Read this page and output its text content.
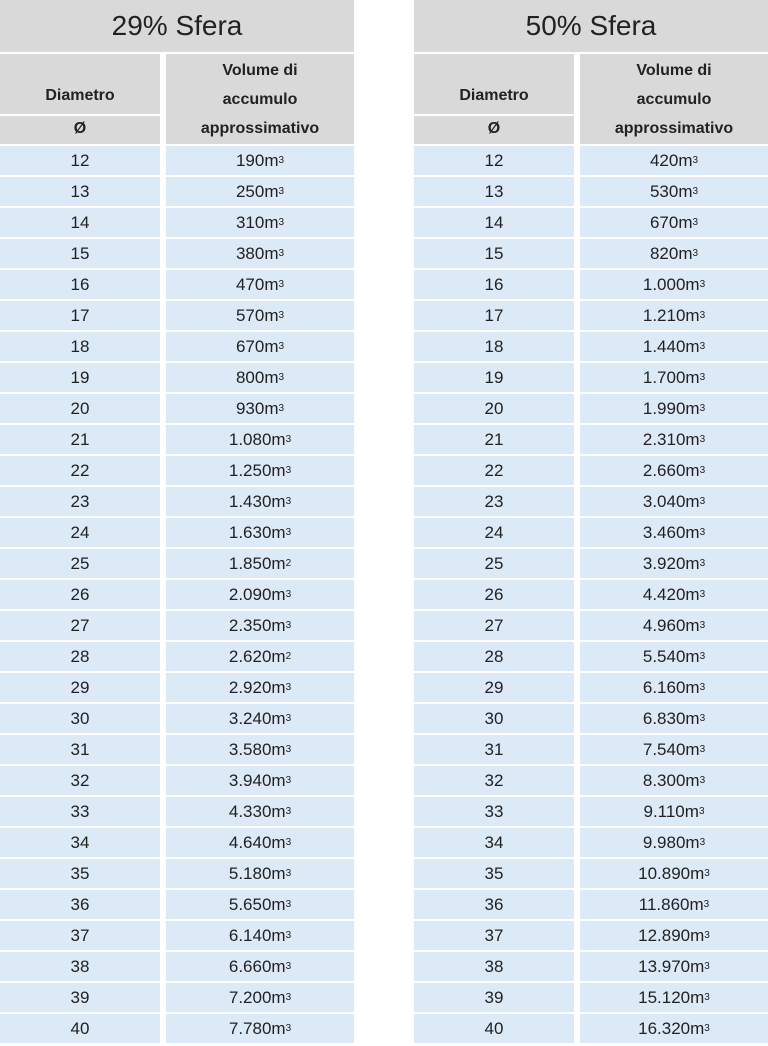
29% Sfera
Diametro
Ø
Volume di
accumulo
approssimativo
12	190m 3
13	250m 3
14	310m 3
15	380m 3
16	470m 3
17	570m 3
18	670m 3
19	800m 3
20	930m 3
21	1.080m 3
22	1.250m 3
23	1.430m 3
24	1.630m 3
25	1.850m 2
26	2.090m 3
27	2.350m 3
28	2.620m 2
29	2.920m 3
30	3.240m 3
31	3.580m 3
32	3.940m 3
33	4.330m 3
34	4.640m 3
35	5.180m 3
36	5.650m 3
37	6.140m 3
38	6.660m 3
39	7.200m 3
40	7.780m 3
50% Sfera
Diametro
Ø
Volume di
accumulo
approssimativo
12	420m 3
13	530m 3
14	670m 3
15	820m 3
16	1.000m 3
17	1.210m 3
18	1.440m 3
19	1.700m 3
20	1.990m 3
21	2.310m 3
22	2.660m 3
23	3.040m 3
24	3.460m 3
25	3.920m 3
26	4.420m 3
27	4.960m 3
28	5.540m 3
29	6.160m 3
30	6.830m 3
31	7.540m 3
32	8.300m 3
33	9.110m 3
34	9.980m 3
35	10.890m 3
36	11.860m 3
37	12.890m 3
38	13.970m 3
39	15.120m 3
40	16.320m 3
